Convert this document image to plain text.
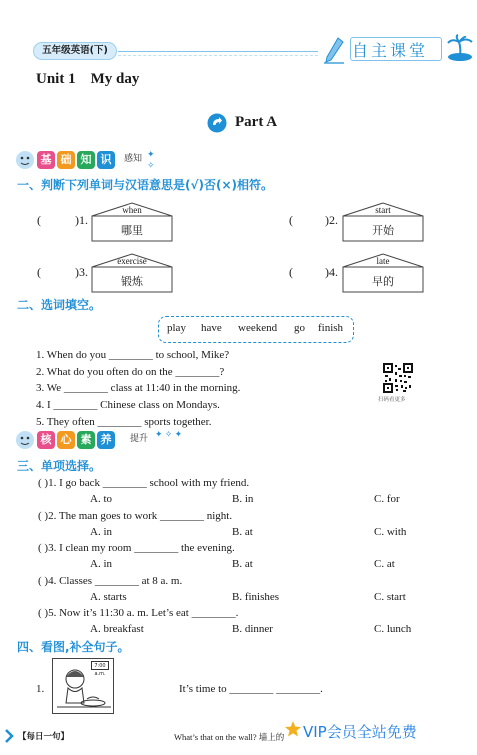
五年级英语(下)	自主课堂
Unit 1 My day
Part A
基 础 知 识	感知 ✦ ✧
一、判断下列单词与汉语意思是(√)否(×)相符。
(	)1.
when
哪里
(	)2.
start
开始
(	)3.
exercise
锻炼
(	)4.
late
早的
二、选词填空。
play have weekend go finish
1. When do you ________ to school, Mike?
2. What do you often do on the ________?
3. We ________ class at 11:40 in the morning.
4. I ________ Chinese class on Mondays.
5. They often ________ sports together.
扫码看更多
核 心 素 养	提升 ✦ ✧ ✦
三、单项选择。
( )1. I go back ________ school with my friend.
A. to	B. in	C. for
( )2. The man goes to work ________ night.
A. in	B. at	C. with
( )3. I clean my room ________ the evening.
A. in	B. at	C. at
( )4. Classes ________ at 8 a. m.
A. starts	B. finishes	C. start
( )5. Now it’s 11:30 a. m. Let’s eat ________.
A. breakfast	B. dinner	C. lunch
四、看图,补全句子。
1.
7:00 a.m.
It’s time to ________ ________.
【每日一句】	What’s that on the wall? 墙上的 VIP会员全站免费
